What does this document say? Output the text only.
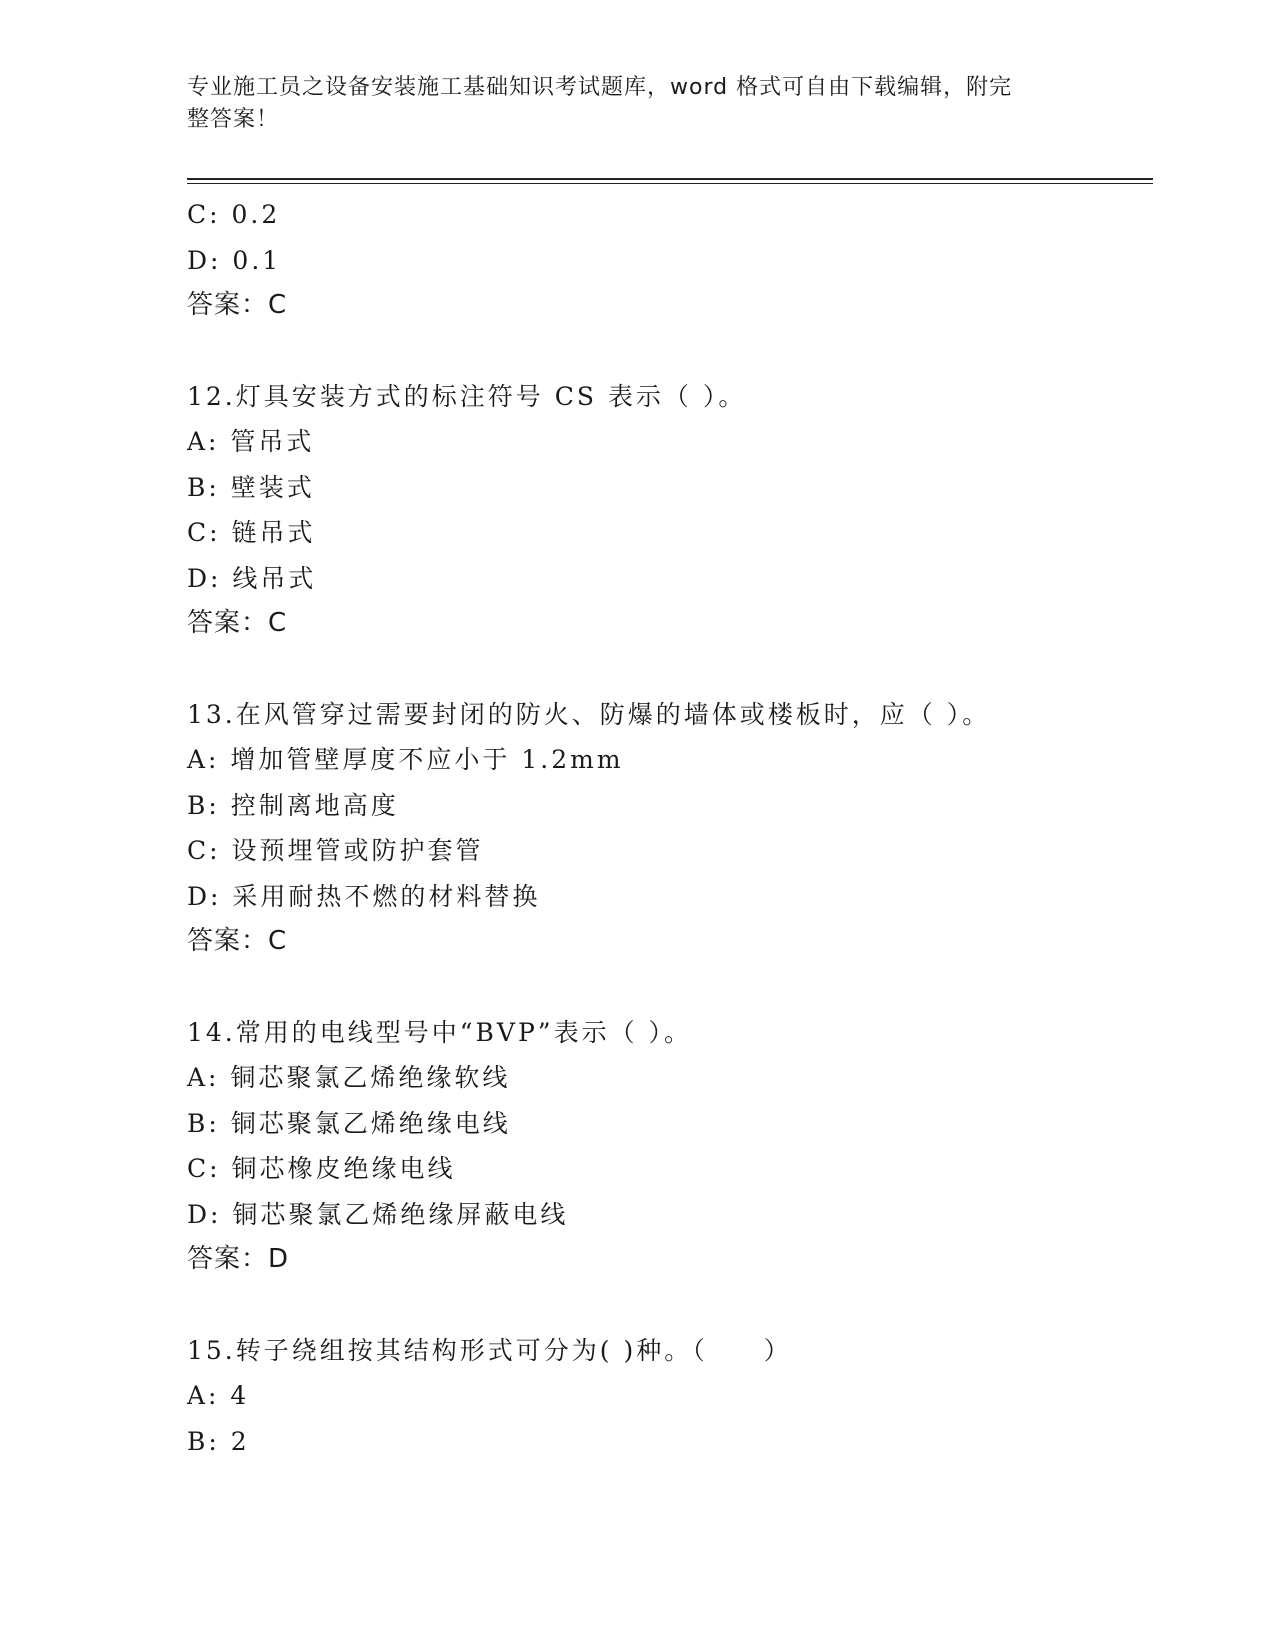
专业施工员之设备安装施工基础知识考试题库，word 格式可自由下载编辑，附完
整答案！
C: 0.2
D: 0.1
答案：C
12.灯具安装方式的标注符号 CS 表示（ ）。
A: 管吊式
B: 壁装式
C: 链吊式
D: 线吊式
答案：C
13.在风管穿过需要封闭的防火、防爆的墙体或楼板时，应（ ）。
A: 增加管壁厚度不应小于 1.2mm
B: 控制离地高度
C: 设预埋管或防护套管
D: 采用耐热不燃的材料替换
答案：C
14.常用的电线型号中“BVP”表示（ ）。
A: 铜芯聚氯乙烯绝缘软线
B: 铜芯聚氯乙烯绝缘电线
C: 铜芯橡皮绝缘电线
D: 铜芯聚氯乙烯绝缘屏蔽电线
答案：D
15.转子绕组按其结构形式可分为( )种。（　　）
A: 4
B: 2
